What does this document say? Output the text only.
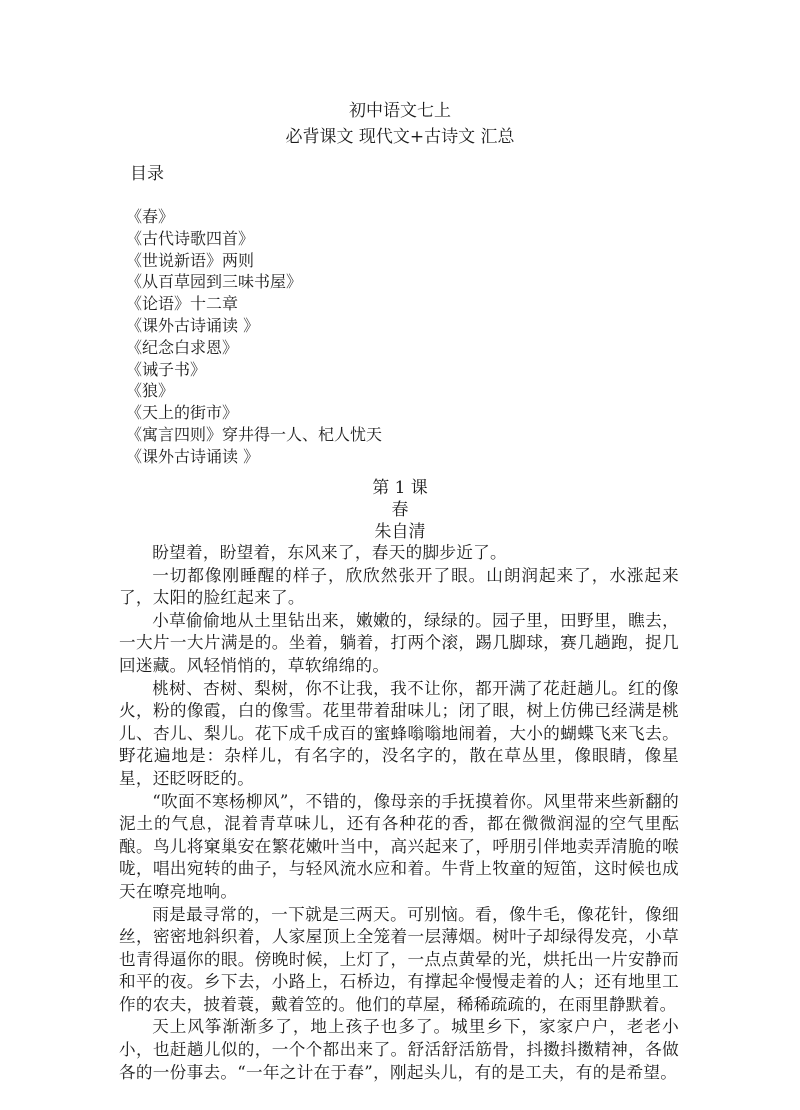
初中语文七上
必背课文 现代文+古诗文 汇总
目录
《春》
《古代诗歌四首》
《世说新语》两则
《从百草园到三味书屋》
《论语》十二章
《课外古诗诵读 》
《纪念白求恩》
《诫子书》
《狼》
《天上的街市》
《寓言四则》穿井得一人、杞人忧天
《课外古诗诵读 》
第 1 课
春
朱自清

盼望着，盼望着，东风来了，春天的脚步近了。

一切都像刚睡醒的样子，欣欣然张开了眼。山朗润起来了，水涨起来了，太阳的脸红起来了。

小草偷偷地从土里钻出来，嫩嫩的，绿绿的。园子里，田野里，瞧去，一大片一大片满是的。坐着，躺着，打两个滚，踢几脚球，赛几趟跑，捉几回迷藏。风轻悄悄的，草软绵绵的。

桃树、杏树、梨树，你不让我，我不让你，都开满了花赶趟儿。红的像火，粉的像霞，白的像雪。花里带着甜味儿；闭了眼，树上仿佛已经满是桃儿、杏儿、梨儿。花下成千成百的蜜蜂嗡嗡地闹着，大小的蝴蝶飞来飞去。野花遍地是：杂样儿，有名字的，没名字的，散在草丛里，像眼睛，像星星，还眨呀眨的。

“吹面不寒杨柳风”，不错的，像母亲的手抚摸着你。风里带来些新翻的泥土的气息，混着青草味儿，还有各种花的香，都在微微润湿的空气里酝酿。鸟儿将窠巢安在繁花嫩叶当中，高兴起来了，呼朋引伴地卖弄清脆的喉咙，唱出宛转的曲子，与轻风流水应和着。牛背上牧童的短笛，这时候也成天在嘹亮地响。

雨是最寻常的，一下就是三两天。可别恼。看，像牛毛，像花针，像细丝，密密地斜织着，人家屋顶上全笼着一层薄烟。树叶子却绿得发亮，小草也青得逼你的眼。傍晚时候，上灯了，一点点黄晕的光，烘托出一片安静而和平的夜。乡下去，小路上，石桥边，有撑起伞慢慢走着的人；还有地里工作的农夫，披着蓑，戴着笠的。他们的草屋，稀稀疏疏的，在雨里静默着。

天上风筝渐渐多了，地上孩子也多了。城里乡下，家家户户，老老小小，也赶趟儿似的，一个个都出来了。舒活舒活筋骨，抖擞抖擞精神，各做各的一份事去。“一年之计在于春”，刚起头儿，有的是工夫，有的是希望。
